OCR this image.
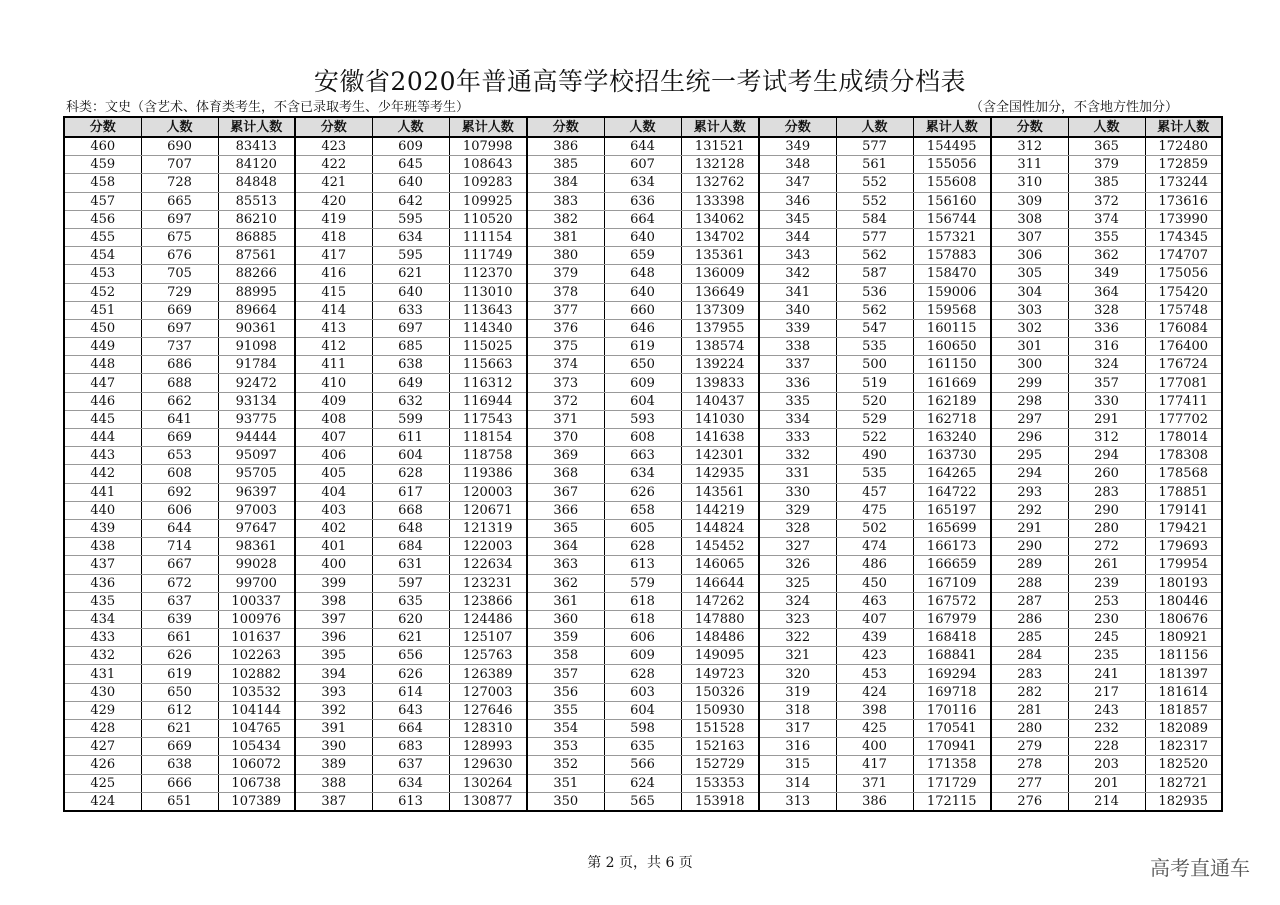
安徽省2020年普通高等学校招生统一考试考生成绩分档表
科类：文史（含艺术、体育类考生，不含已录取考生、少年班等考生）	（含全国性加分，不含地方性加分）
分数	人数	累计人数	分数	人数	累计人数	分数	人数	累计人数	分数	人数	累计人数	分数	人数	累计人数
460	690	83413	423	609	107998	386	644	131521	349	577	154495	312	365	172480
459	707	84120	422	645	108643	385	607	132128	348	561	155056	311	379	172859
458	728	84848	421	640	109283	384	634	132762	347	552	155608	310	385	173244
457	665	85513	420	642	109925	383	636	133398	346	552	156160	309	372	173616
456	697	86210	419	595	110520	382	664	134062	345	584	156744	308	374	173990
455	675	86885	418	634	111154	381	640	134702	344	577	157321	307	355	174345
454	676	87561	417	595	111749	380	659	135361	343	562	157883	306	362	174707
453	705	88266	416	621	112370	379	648	136009	342	587	158470	305	349	175056
452	729	88995	415	640	113010	378	640	136649	341	536	159006	304	364	175420
451	669	89664	414	633	113643	377	660	137309	340	562	159568	303	328	175748
450	697	90361	413	697	114340	376	646	137955	339	547	160115	302	336	176084
449	737	91098	412	685	115025	375	619	138574	338	535	160650	301	316	176400
448	686	91784	411	638	115663	374	650	139224	337	500	161150	300	324	176724
447	688	92472	410	649	116312	373	609	139833	336	519	161669	299	357	177081
446	662	93134	409	632	116944	372	604	140437	335	520	162189	298	330	177411
445	641	93775	408	599	117543	371	593	141030	334	529	162718	297	291	177702
444	669	94444	407	611	118154	370	608	141638	333	522	163240	296	312	178014
443	653	95097	406	604	118758	369	663	142301	332	490	163730	295	294	178308
442	608	95705	405	628	119386	368	634	142935	331	535	164265	294	260	178568
441	692	96397	404	617	120003	367	626	143561	330	457	164722	293	283	178851
440	606	97003	403	668	120671	366	658	144219	329	475	165197	292	290	179141
439	644	97647	402	648	121319	365	605	144824	328	502	165699	291	280	179421
438	714	98361	401	684	122003	364	628	145452	327	474	166173	290	272	179693
437	667	99028	400	631	122634	363	613	146065	326	486	166659	289	261	179954
436	672	99700	399	597	123231	362	579	146644	325	450	167109	288	239	180193
435	637	100337	398	635	123866	361	618	147262	324	463	167572	287	253	180446
434	639	100976	397	620	124486	360	618	147880	323	407	167979	286	230	180676
433	661	101637	396	621	125107	359	606	148486	322	439	168418	285	245	180921
432	626	102263	395	656	125763	358	609	149095	321	423	168841	284	235	181156
431	619	102882	394	626	126389	357	628	149723	320	453	169294	283	241	181397
430	650	103532	393	614	127003	356	603	150326	319	424	169718	282	217	181614
429	612	104144	392	643	127646	355	604	150930	318	398	170116	281	243	181857
428	621	104765	391	664	128310	354	598	151528	317	425	170541	280	232	182089
427	669	105434	390	683	128993	353	635	152163	316	400	170941	279	228	182317
426	638	106072	389	637	129630	352	566	152729	315	417	171358	278	203	182520
425	666	106738	388	634	130264	351	624	153353	314	371	171729	277	201	182721
424	651	107389	387	613	130877	350	565	153918	313	386	172115	276	214	182935
第 2 页，共 6 页	高考直通车
